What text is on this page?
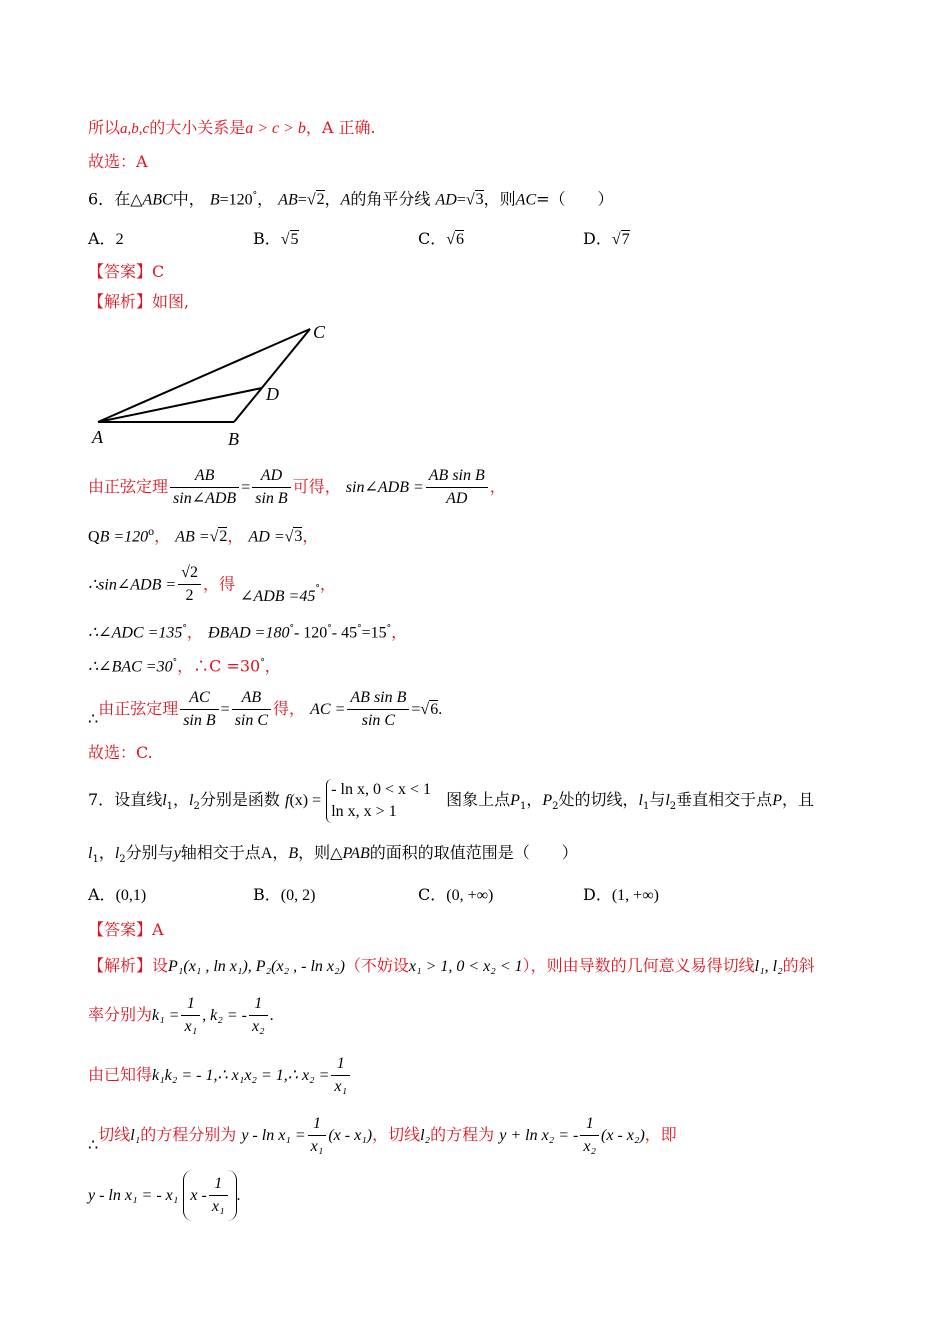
所以a,b,c的大小关系是a > c > b，A 正确.
故选：A
6．在△ABC中， B=120°， AB=√2，A的角平分线 AD=√3，则AC=（　　）
A．2	B．√5	C．√6	D．√7
【答案】C
【解析】如图,
A	B
C
D
由正弦定理 $\frac{AB}{\text{sin∠ADB}} = \frac{AD}{\text{sin B}}$ 可得， sin∠ADB = $\frac{\text{AB sin B}}{AD}$ ，
QB $=120^o$， AB =√2， AD =√3，
∴sin∠ADB = $\frac{√2}{2}$ ，得 ∠ADB =45°，
∴∠ADC =135°， ÐBAD =180°- 120°- 45°=15°，
∴∠BAC =30°，∴C =30°，
∴由正弦定理 $\frac{AC}{\text{sin B}} = \frac{AB}{\text{sin C}}$ 得， AC = $\frac{\text{AB sin B}}{\text{sin C}} =√6$.
故选：C.
7．设直线$l_1$，$l_2$分别是函数 f(x) =
- ln x, 0 < x < 1
ln x, x > 1
图象上点$P_1$，$P_2$处的切线，$l_1$与$l_2$垂直相交于点P，且
$l_1$，$l_2$分别与y轴相交于点A，B，则△PAB的面积的取值范围是（　　）
A．(0,1)	B．(0, 2)	C．(0, +∞)	D．(1, +∞)
【答案】A
【解析】设P₁(x₁ , ln x₁), P₂(x₂ , - ln x₂)（不妨设x₁ > 1, 0 < x₂ < 1），则由导数的几何意义易得切线l₁, l₂的斜
率分别为$k_1 = \frac{1}{\text{x₁}}$ , k₂ = - $\frac{1}{\text{x₂}}$ .
由已知得k₁k₂ = - 1,∴ x₁x₂ = 1,∴ $x_2 = \frac{1}{\text{x₁}}$
∴切线l₁的方程分别为 $y - \ln x_1 = \frac{1}{\text{x₁}} (x - x_1)$，切线l₂的方程为 y + ln x₂ = - $\frac{1}{\text{x₂}} (x - x_2)$，即
y - ln x₁ = - x₁ x - $\frac{1}{\text{x₁}}$ .
